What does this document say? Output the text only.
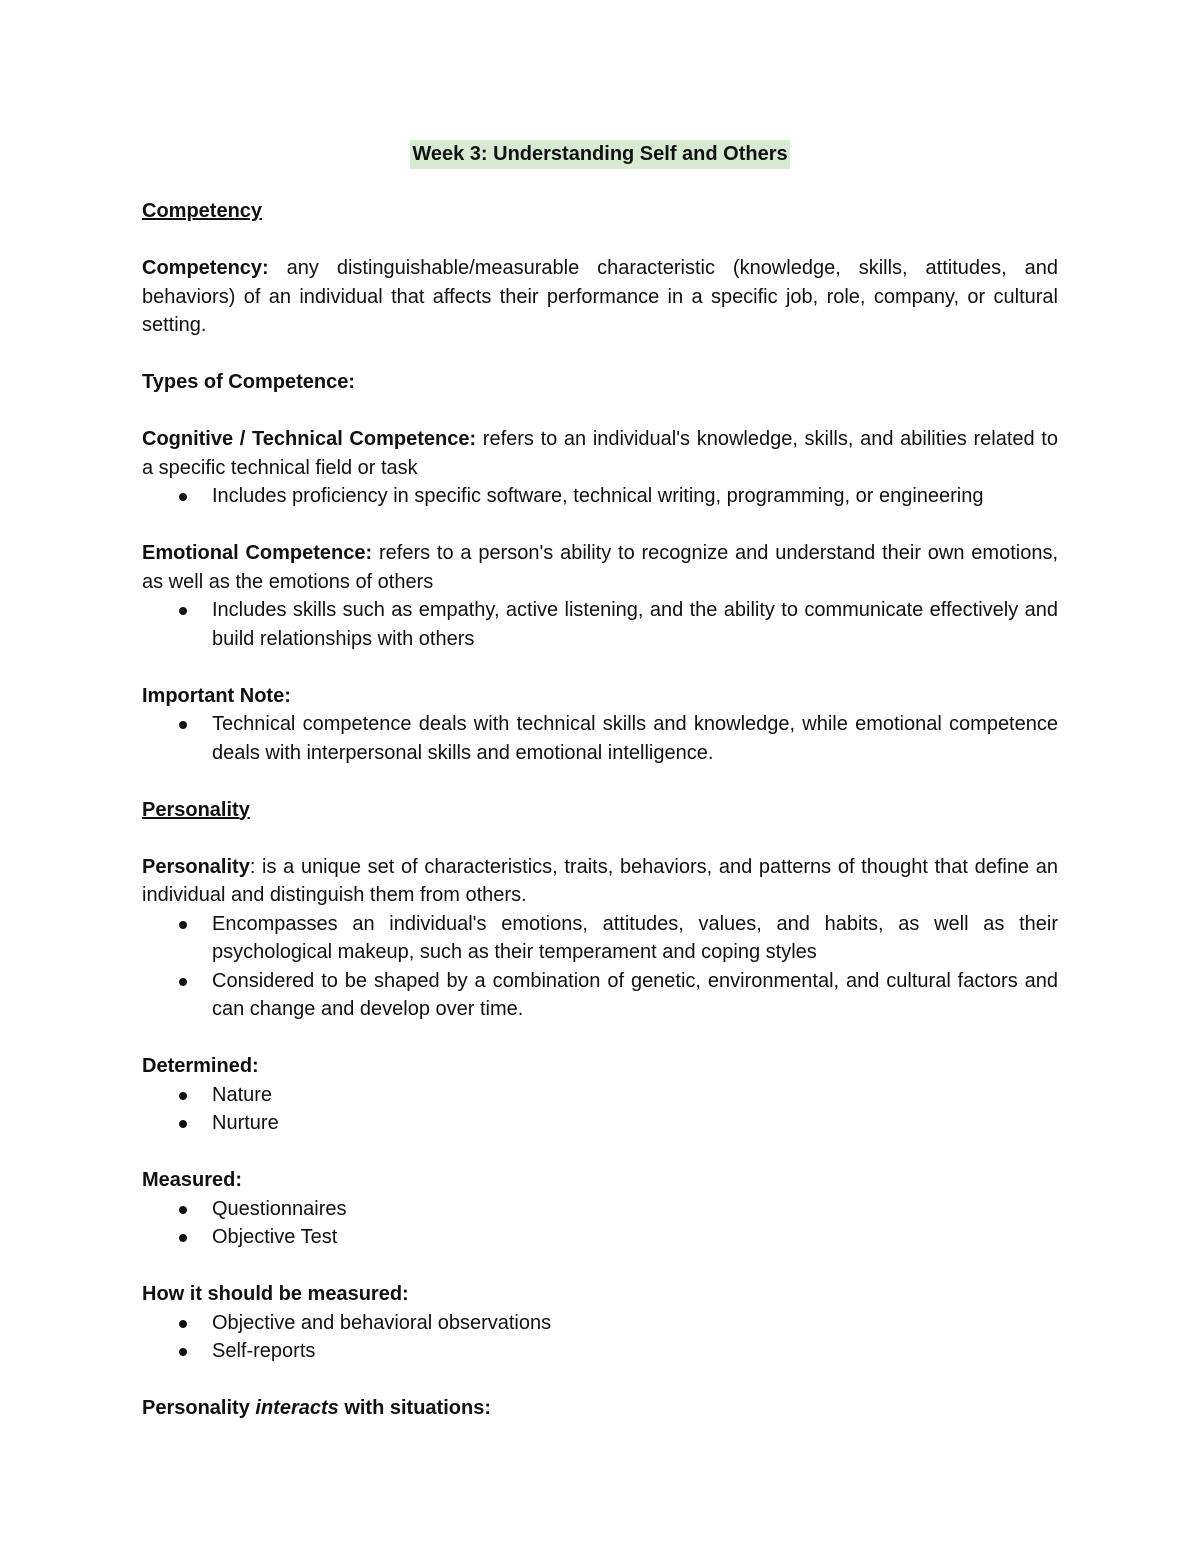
Week 3: Understanding Self and Others
Competency

Competency: any distinguishable/measurable characteristic (knowledge, skills, attitudes, and behaviors) of an individual that affects their performance in a specific job, role, company, or cultural setting.

Types of Competence:

Cognitive / Technical Competence: refers to an individual's knowledge, skills, and abilities related to a specific technical field or task

Includes proficiency in specific software, technical writing, programming, or engineering

Emotional Competence: refers to a person's ability to recognize and understand their own emotions, as well as the emotions of others

Includes skills such as empathy, active listening, and the ability to communicate effectively and build relationships with others

Important Note:

Technical competence deals with technical skills and knowledge, while emotional competence deals with interpersonal skills and emotional intelligence.
Personality

Personality: is a unique set of characteristics, traits, behaviors, and patterns of thought that define an individual and distinguish them from others.

Encompasses an individual's emotions, attitudes, values, and habits, as well as their psychological makeup, such as their temperament and coping styles
Considered to be shaped by a combination of genetic, environmental, and cultural factors and can change and develop over time.

Determined:

Nature
Nurture

Measured:

Questionnaires
Objective Test

How it should be measured:

Objective and behavioral observations
Self-reports

Personality interacts with situations:
